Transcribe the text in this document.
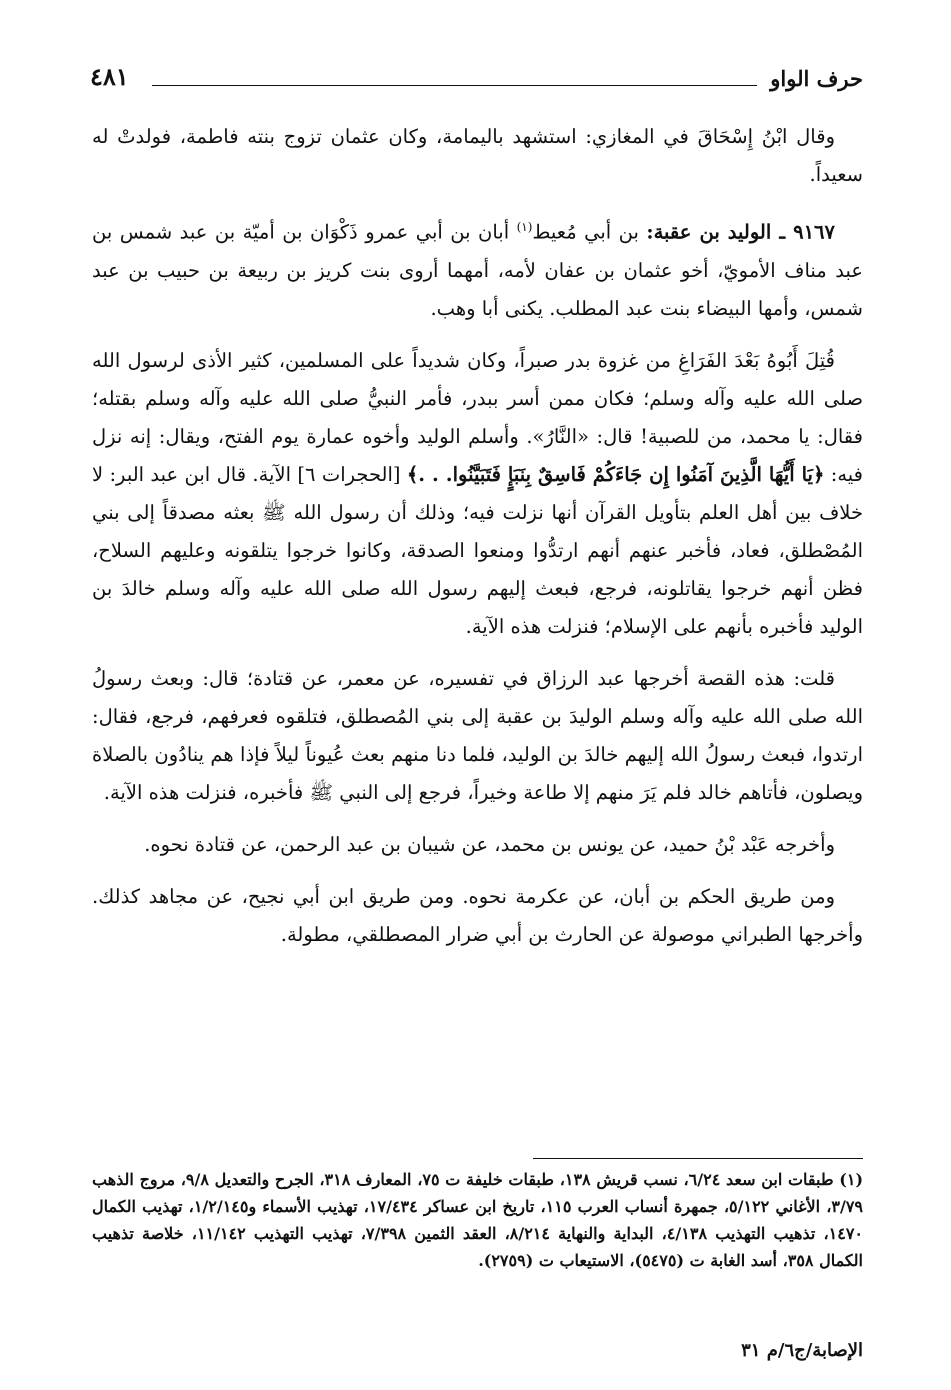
حرف الواو
٤٨١

وقال ابْنُ إِسْحَاقَ في المغازي: استشهد باليمامة، وكان عثمان تزوج بنته فاطمة، فولدتْ له سعيداً.

٩١٦٧ ـ الوليد بن عقبة: بن أبي مُعيط$^{(١)}$ أبان بن أبي عمرو ذَكْوَان بن أميّة بن عبد شمس بن عبد مناف الأمويّ، أخو عثمان بن عفان لأمه، أمهما أروى بنت كريز بن ربيعة بن حبيب بن عبد شمس، وأمها البيضاء بنت عبد المطلب. يكنى أبا وهب.

قُتِلَ أَبُوهُ بَعْدَ الفَرَاغِ من غزوة بدر صبراً، وكان شديداً على المسلمين، كثير الأذى لرسول الله صلى الله عليه وآله وسلم؛ فكان ممن أسر ببدر، فأمر النبيُّ صلى الله عليه وآله وسلم بقتله؛ فقال: يا محمد، من للصبية! قال: «النَّارُ». وأسلم الوليد وأخوه عمارة يوم الفتح، ويقال: إنه نزل فيه: ﴿يَا أَيُّهَا الَّذِينَ آمَنُوا إِن جَاءَكُمْ فَاسِقٌ بِنَبَإٍ فَتَبَيَّنُوا. . .﴾ [الحجرات ٦] الآية. قال ابن عبد البر: لا خلاف بين أهل العلم بتأويل القرآن أنها نزلت فيه؛ وذلك أن رسول الله ﷺ بعثه مصدقاً إلى بني المُصْطلق، فعاد، فأخبر عنهم أنهم ارتدُّوا ومنعوا الصدقة، وكانوا خرجوا يتلقونه وعليهم السلاح، فظن أنهم خرجوا يقاتلونه، فرجع، فبعث إليهم رسول الله صلى الله عليه وآله وسلم خالدَ بن الوليد فأخبره بأنهم على الإسلام؛ فنزلت هذه الآية.

قلت: هذه القصة أخرجها عبد الرزاق في تفسيره، عن معمر، عن قتادة؛ قال: وبعث رسولُ الله صلى الله عليه وآله وسلم الوليدَ بن عقبة إلى بني المُصطلق، فتلقوه فعرفهم، فرجع، فقال: ارتدوا، فبعث رسولُ الله إليهم خالدَ بن الوليد، فلما دنا منهم بعث عُيوناً ليلاً فإذا هم ينادُون بالصلاة ويصلون، فأتاهم خالد فلم يَرَ منهم إلا طاعة وخيراً، فرجع إلى النبي ﷺ فأخبره، فنزلت هذه الآية.

وأخرجه عَبْد بْنُ حميد، عن يونس بن محمد، عن شيبان بن عبد الرحمن، عن قتادة نحوه.

ومن طريق الحكم بن أبان، عن عكرمة نحوه. ومن طريق ابن أبي نجيح، عن مجاهد كذلك. وأخرجها الطبراني موصولة عن الحارث بن أبي ضرار المصطلقي، مطولة.

(١) طبقات ابن سعد ٦/٢٤، نسب قريش ١٣٨، طبقات خليفة ت ٧٥، المعارف ٣١٨، الجرح والتعديل ٩/٨، مروج الذهب ٣/٧٩، الأغاني ٥/١٢٢، جمهرة أنساب العرب ١١٥، تاريخ ابن عساكر ١٧/٤٣٤، تهذيب الأسماء و١/٢/١٤٥، تهذيب الكمال ١٤٧٠، تذهيب التهذيب ٤/١٣٨، البداية والنهاية ٨/٢١٤، العقد الثمين ٧/٣٩٨، تهذيب التهذيب ١١/١٤٢، خلاصة تذهيب الكمال ٣٥٨، أسد الغابة ت (٥٤٧٥)، الاستيعاب ت (٢٧٥٩).
الإصابة/ج٦/م ٣١
